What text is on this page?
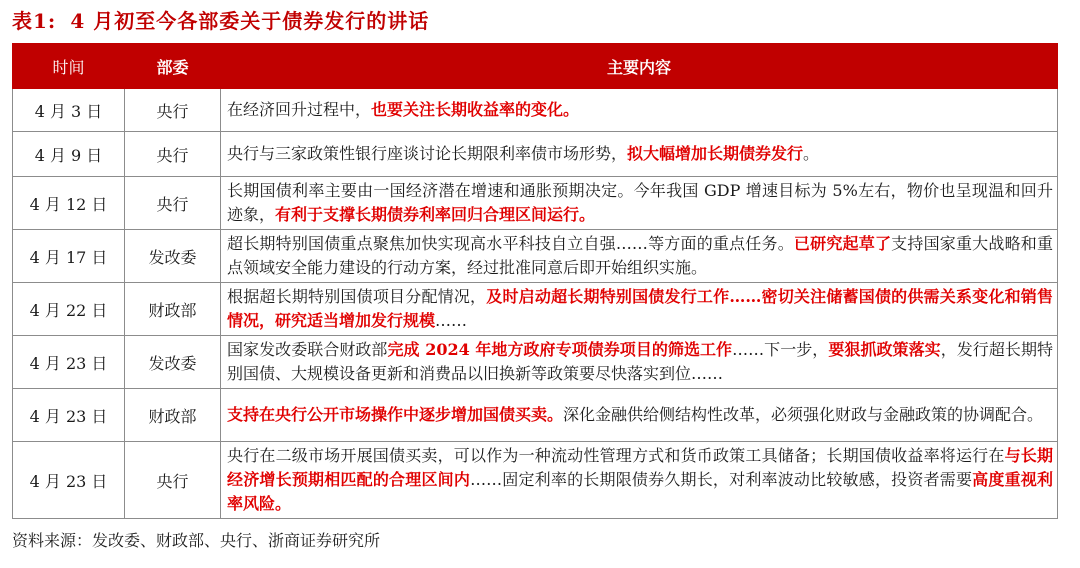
表1: 4 月初至今各部委关于债券发行的讲话
时间	部委	主要内容
4 月 3 日	央行	在经济回升过程中，也要关注长期收益率的变化。
4 月 9 日	央行	央行与三家政策性银行座谈讨论长期限利率债市场形势，拟大幅增加长期债券发行。
4 月 12 日	央行	长期国债利率主要由一国经济潜在增速和通胀预期决定。今年我国 GDP 增速目标为 5%左右，物价也呈现温和回升迹象，有利于支撑长期债券利率回归合理区间运行。
4 月 17 日	发改委	超长期特别国债重点聚焦加快实现高水平科技自立自强……等方面的重点任务。已研究起草了支持国家重大战略和重点领域安全能力建设的行动方案，经过批准同意后即开始组织实施。
4 月 22 日	财政部	根据超长期特别国债项目分配情况，及时启动超长期特别国债发行工作……密切关注储蓄国债的供需关系变化和销售情况，研究适当增加发行规模……
4 月 23 日	发改委	国家发改委联合财政部完成 2024 年地方政府专项债券项目的筛选工作……下一步，要狠抓政策落实，发行超长期特别国债、大规模设备更新和消费品以旧换新等政策要尽快落实到位……
4 月 23 日	财政部	支持在央行公开市场操作中逐步增加国债买卖。深化金融供给侧结构性改革，必须强化财政与金融政策的协调配合。
4 月 23 日	央行	央行在二级市场开展国债买卖，可以作为一种流动性管理方式和货币政策工具储备；长期国债收益率将运行在与长期经济增长预期相匹配的合理区间内……固定利率的长期限债券久期长，对利率波动比较敏感，投资者需要高度重视利率风险。
资料来源：发改委、财政部、央行、浙商证券研究所
